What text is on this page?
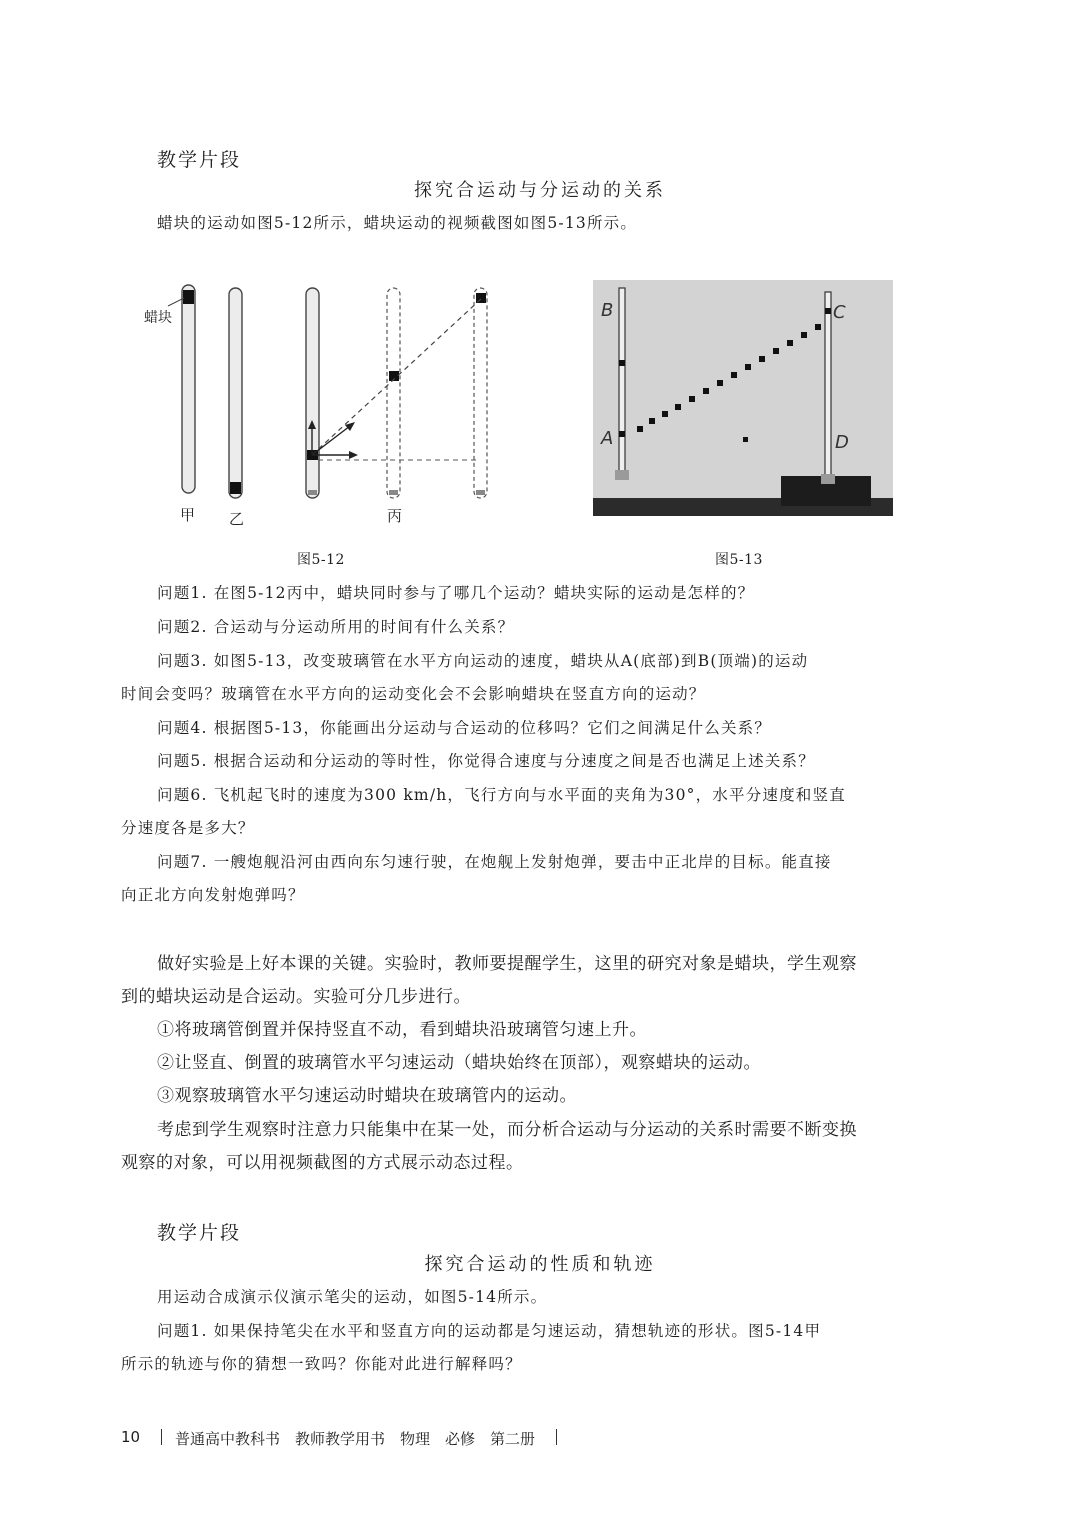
教学片段
探究合运动与分运动的关系
蜡块的运动如图5-12所示，蜡块运动的视频截图如图5-13所示。
蜡块
甲 乙	丙
图5-12
B	C
A	D
图5-13
问题1. 在图5-12丙中，蜡块同时参与了哪几个运动？蜡块实际的运动是怎样的？
问题2. 合运动与分运动所用的时间有什么关系？
问题3. 如图5-13，改变玻璃管在水平方向运动的速度，蜡块从A(底部)到B(顶端)的运动
时间会变吗？玻璃管在水平方向的运动变化会不会影响蜡块在竖直方向的运动？
问题4. 根据图5-13，你能画出分运动与合运动的位移吗？它们之间满足什么关系？
问题5. 根据合运动和分运动的等时性，你觉得合速度与分速度之间是否也满足上述关系？
问题6. 飞机起飞时的速度为300 km/h，飞行方向与水平面的夹角为30°，水平分速度和竖直
分速度各是多大？
问题7. 一艘炮舰沿河由西向东匀速行驶，在炮舰上发射炮弹，要击中正北岸的目标。能直接
向正北方向发射炮弹吗？
做好实验是上好本课的关键。实验时，教师要提醒学生，这里的研究对象是蜡块，学生观察
到的蜡块运动是合运动。实验可分几步进行。
①将玻璃管倒置并保持竖直不动，看到蜡块沿玻璃管匀速上升。
②让竖直、倒置的玻璃管水平匀速运动（蜡块始终在顶部），观察蜡块的运动。
③观察玻璃管水平匀速运动时蜡块在玻璃管内的运动。
考虑到学生观察时注意力只能集中在某一处，而分析合运动与分运动的关系时需要不断变换
观察的对象，可以用视频截图的方式展示动态过程。
教学片段
探究合运动的性质和轨迹
用运动合成演示仪演示笔尖的运动，如图5-14所示。
问题1. 如果保持笔尖在水平和竖直方向的运动都是匀速运动，猜想轨迹的形状。图5-14甲
所示的轨迹与你的猜想一致吗？你能对此进行解释吗？
10 普通高中教科书　教师教学用书　物理　必修　第二册
